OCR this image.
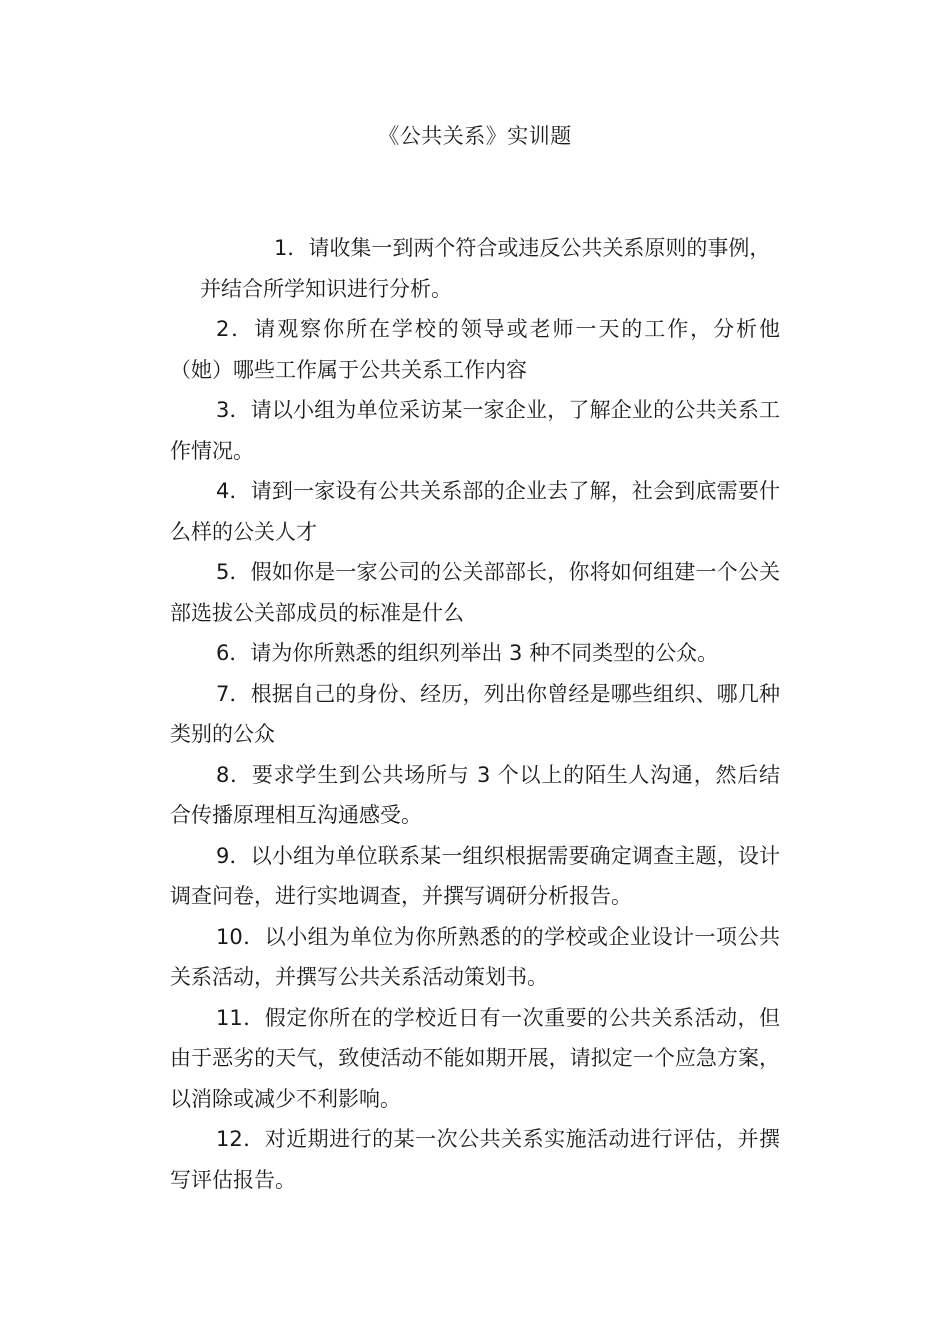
《公共关系》实训题
1．请收集一到两个符合或违反公共关系原则的事例，
并结合所学知识进行分析。
2．请观察你所在学校的领导或老师一天的工作，分析他（她）哪些工作属于公共关系工作内容
3．请以小组为单位采访某一家企业，了解企业的公共关系工作情况。
4．请到一家设有公共关系部的企业去了解，社会到底需要什么样的公关人才
5．假如你是一家公司的公关部部长，你将如何组建一个公关部选拔公关部成员的标准是什么
6．请为你所熟悉的组织列举出 3 种不同类型的公众。
7．根据自己的身份、经历，列出你曾经是哪些组织、哪几种类别的公众
8．要求学生到公共场所与 3 个以上的陌生人沟通，然后结合传播原理相互沟通感受。
9．以小组为单位联系某一组织根据需要确定调查主题，设计调查问卷，进行实地调查，并撰写调研分析报告。
10．以小组为单位为你所熟悉的的学校或企业设计一项公共关系活动，并撰写公共关系活动策划书。
11．假定你所在的学校近日有一次重要的公共关系活动，但由于恶劣的天气，致使活动不能如期开展，请拟定一个应急方案，以消除或减少不利影响。
12．对近期进行的某一次公共关系实施活动进行评估，并撰写评估报告。
